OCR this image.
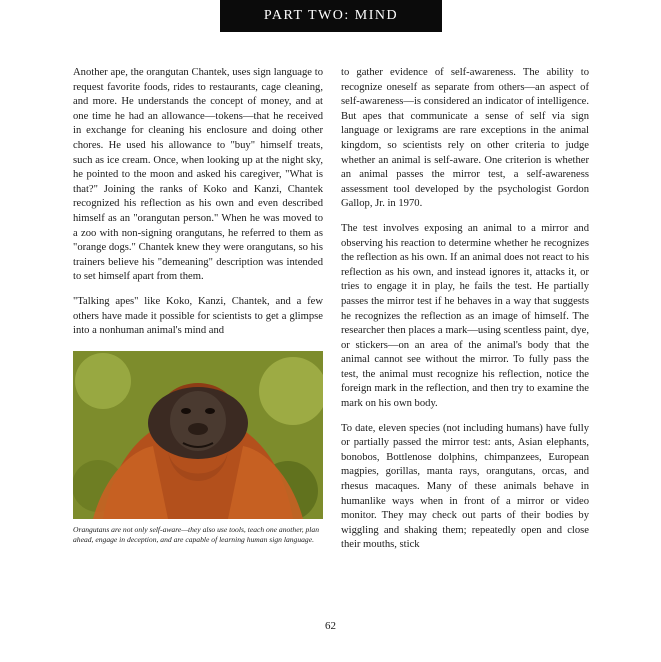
PART TWO: MIND

Another ape, the orangutan Chantek, uses sign language to request favorite foods, rides to restaurants, cage cleaning, and more. He understands the concept of money, and at one time he had an allowance—tokens—that he received in exchange for cleaning his enclosure and doing other chores. He used his allowance to "buy" himself treats, such as ice cream. Once, when looking up at the night sky, he pointed to the moon and asked his caregiver, "What is that?" Joining the ranks of Koko and Kanzi, Chantek recognized his reflection as his own and even described himself as an "orangutan person." When he was moved to a zoo with non-signing orangutans, he referred to them as "orange dogs." Chantek knew they were orangutans, so his trainers believe his "demeaning" description was intended to set himself apart from them.

"Talking apes" like Koko, Kanzi, Chantek, and a few others have made it possible for scientists to get a glimpse into a nonhuman animal's mind and

Orangutans are not only self-aware—they also use tools, teach one another, plan ahead, engage in deception, and are capable of learning human sign language.

to gather evidence of self-awareness. The ability to recognize oneself as separate from others—an aspect of self-awareness—is considered an indicator of intelligence. But apes that communicate a sense of self via sign language or lexigrams are rare exceptions in the animal kingdom, so scientists rely on other criteria to judge whether an animal is self-aware. One criterion is whether an animal passes the mirror test, a self-awareness assessment tool developed by the psychologist Gordon Gallop, Jr. in 1970.

The test involves exposing an animal to a mirror and observing his reaction to determine whether he recognizes the reflection as his own. If an animal does not react to his reflection as his own, and instead ignores it, attacks it, or tries to engage it in play, he fails the test. He partially passes the mirror test if he behaves in a way that suggests he recognizes the reflection as an image of himself. The researcher then places a mark—using scentless paint, dye, or stickers—on an area of the animal's body that the animal cannot see without the mirror. To fully pass the test, the animal must recognize his reflection, notice the foreign mark in the reflection, and then try to examine the mark on his own body.

To date, eleven species (not including humans) have fully or partially passed the mirror test: ants, Asian elephants, bonobos, Bottlenose dolphins, chimpanzees, European magpies, gorillas, manta rays, orangutans, orcas, and rhesus macaques. Many of these animals behave in humanlike ways when in front of a mirror or video monitor. They may check out parts of their bodies by wiggling and shaking them; repeatedly open and close their mouths, stick

62
